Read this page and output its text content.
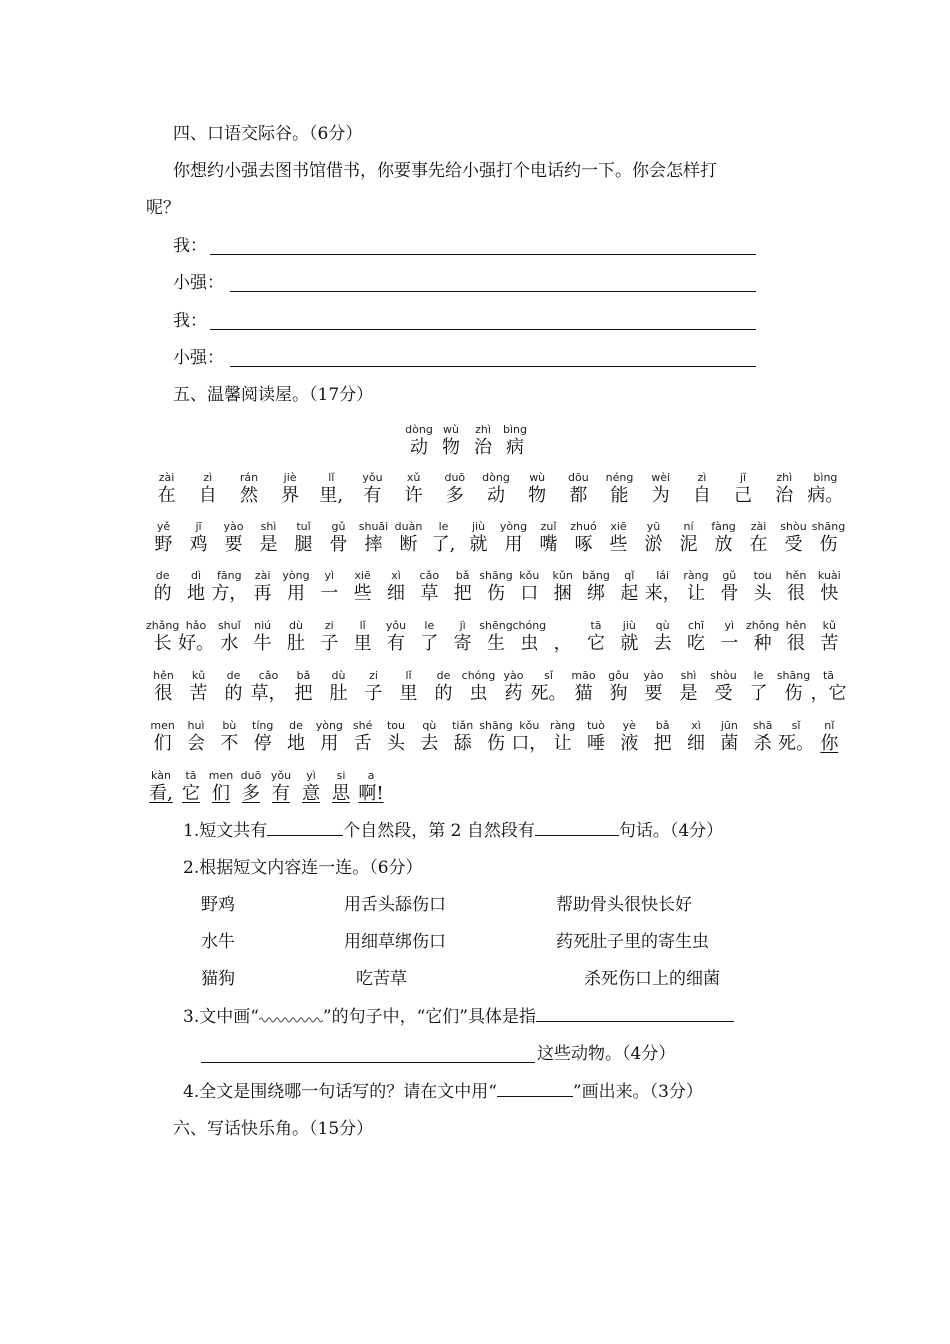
四、口语交际谷。（6分）
你想约小强去图书馆借书，你要事先给小强打个电话约一下。你会怎样打
呢？
我：
小强：
我：
小强：
五、温馨阅读屋。（17分）
dòng
动
wù
物
zhì
治
bìng
病
zài
在
zì
自
rán
然
jiè
界
lǐ
里,
yǒu
有
xǔ
许
duō
多
dòng
动
wù
物
dōu
都
néng
能
wèi
为
zì
自
jǐ
己
zhì
治
bìng
病。
yě
野
jī
鸡
yào
要
shì
是
tuǐ
腿
gǔ
骨
shuāi
摔
duàn
断
le
了,
jiù
就
yòng
用
zuǐ
嘴
zhuó
啄
xiē
些
yū
淤
ní
泥
fàng
放
zài
在
shòu
受
shāng
伤
de
的
dì
地
fāng
方，
zài
再
yòng
用
yì
一
xiē
些
xì
细
cǎo
草
bǎ
把
shāng
伤
kǒu
口
kǔn
捆
bǎng
绑
qǐ
起
lái
来，
ràng
让
gǔ
骨
tou
头
hěn
很
kuài
快
zhǎng
长
hǎo
好。
shuǐ
水
niú
牛
dù
肚
zi
子
lǐ
里
yǒu
有
le
了
jì
寄
shēng
生
chóng
虫 ，
tā
它
jiù
就
qù
去
chī
吃
yì
一
zhǒng
种
hěn
很
kǔ
苦
hěn
很
kǔ
苦
de
的
cǎo
草，
bǎ
把
dù
肚
zi
子
lǐ
里
de
的
chóng
虫
yào
药
sǐ
死。
māo
猫
gǒu
狗
yào
要
shì
是
shòu
受
le
了
shāng
伤
tā
，它
men
们
huì
会
bù
不
tíng
停
de
地
yòng
用
shé
舌
tou
头
qù
去
tiǎn
舔
shāng
伤
kǒu
口，
ràng
让
tuò
唾
yè
液
bǎ
把
xì
细
jūn
菌
shā
杀
sǐ
死。
nǐ
你
kàn
看,
tā
它
men
们
duō
多
yǒu
有
yì
意
si
思
a
啊!
1.短文共有	个自然段，第 2 自然段有	句话。（4分）
2.根据短文内容连一连。（6分）
野鸡	用舌头舔伤口	帮助骨头很快长好
水牛	用细草绑伤口	药死肚子里的寄生虫
猫狗	吃苦草	杀死伤口上的细菌
3.文中画“	”的句子中，“它们”具体是指
这些动物。（4分）
4.全文是围绕哪一句话写的？请在文中用“	”画出来。（3分）
六、写话快乐角。（15分）
